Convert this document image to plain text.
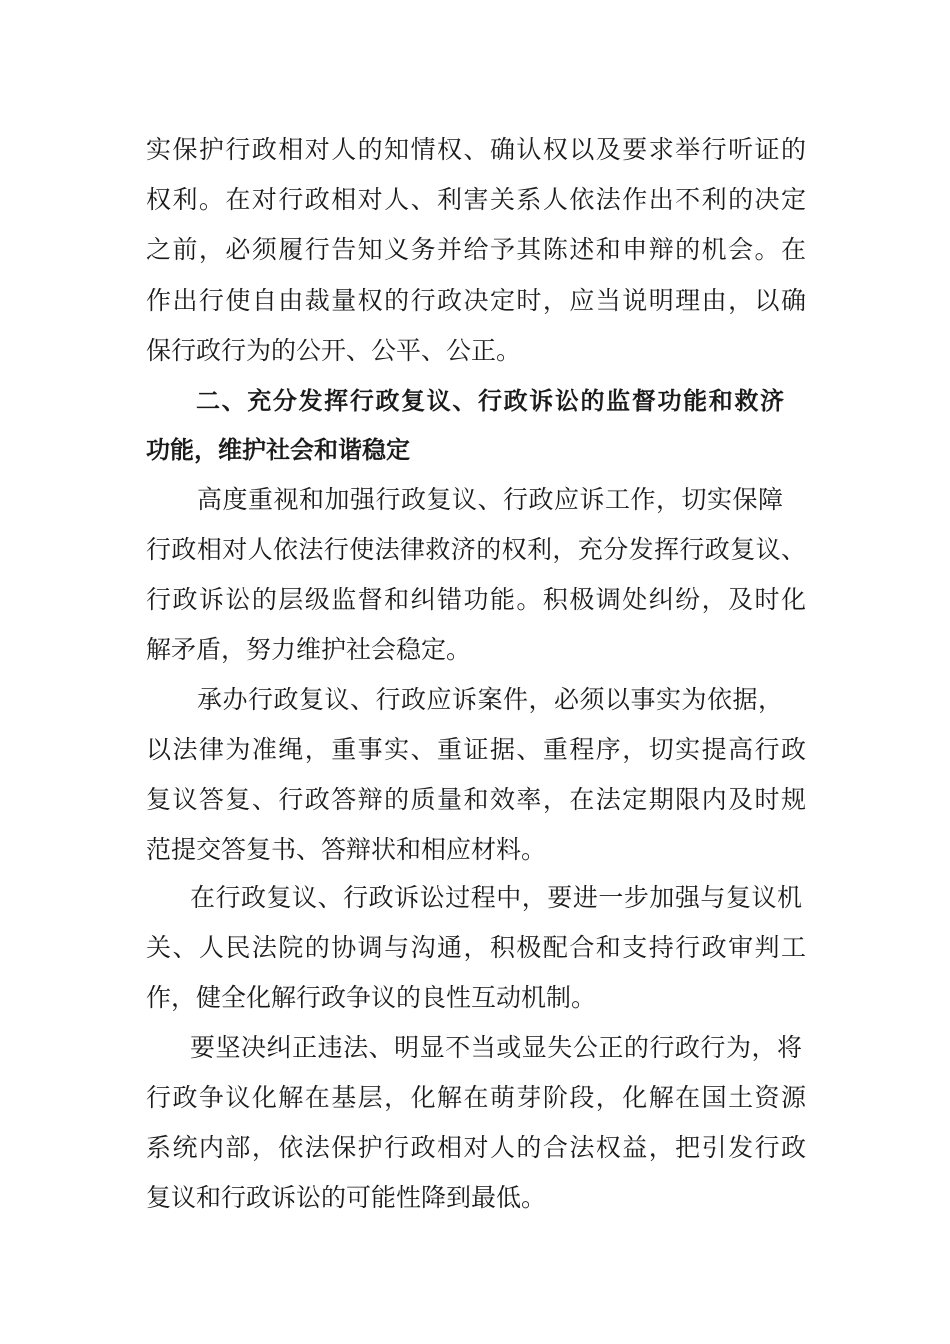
实保护行政相对人的知情权、确认权以及要求举行听证的
权利。在对行政相对人、利害关系人依法作出不利的决定
之前，必须履行告知义务并给予其陈述和申辩的机会。在
作出行使自由裁量权的行政决定时，应当说明理由，以确
保行政行为的公开、公平、公正。
二、充分发挥行政复议、行政诉讼的监督功能和救济
功能，维护社会和谐稳定
高度重视和加强行政复议、行政应诉工作，切实保障
行政相对人依法行使法律救济的权利，充分发挥行政复议、
行政诉讼的层级监督和纠错功能。积极调处纠纷，及时化
解矛盾，努力维护社会稳定。
承办行政复议、行政应诉案件，必须以事实为依据，
以法律为准绳，重事实、重证据、重程序，切实提高行政
复议答复、行政答辩的质量和效率，在法定期限内及时规
范提交答复书、答辩状和相应材料。
在行政复议、行政诉讼过程中，要进一步加强与复议机
关、人民法院的协调与沟通，积极配合和支持行政审判工
作，健全化解行政争议的良性互动机制。
要坚决纠正违法、明显不当或显失公正的行政行为，将
行政争议化解在基层，化解在萌芽阶段，化解在国土资源
系统内部，依法保护行政相对人的合法权益，把引发行政
复议和行政诉讼的可能性降到最低。
